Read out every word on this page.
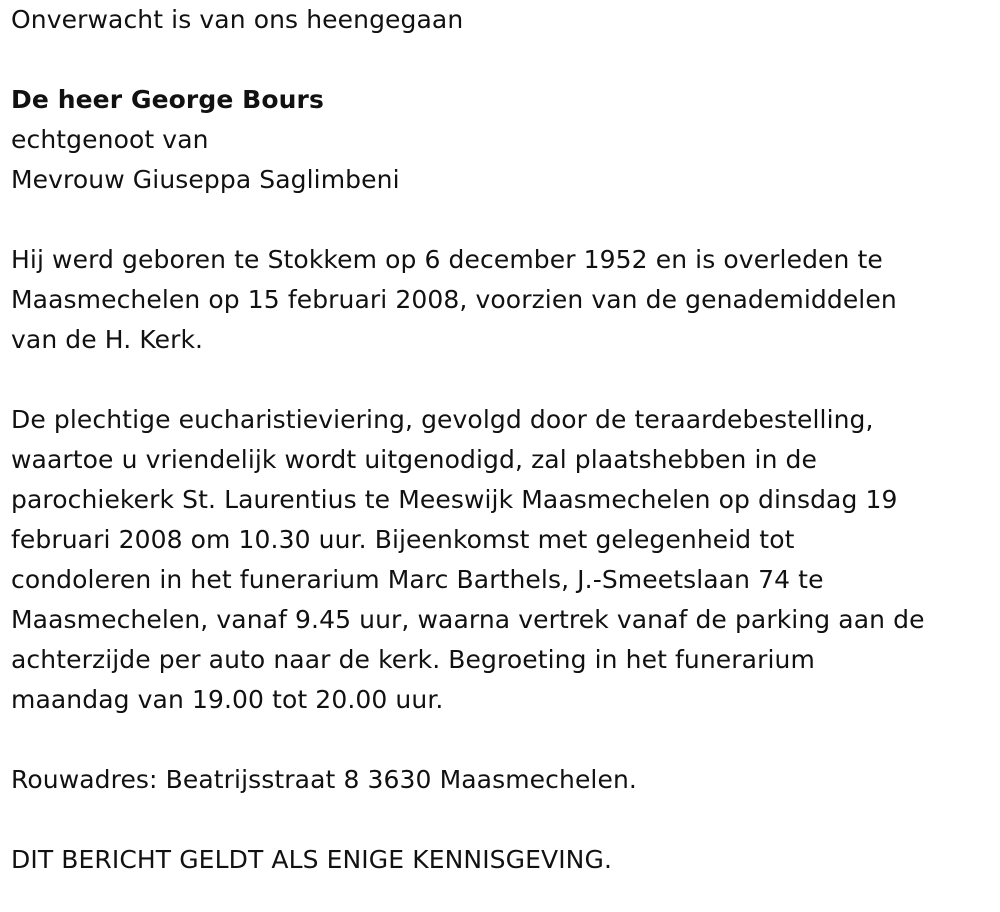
Onverwacht is van ons heengegaan
De heer George Bours
echtgenoot van
Mevrouw Giuseppa Saglimbeni
Hij werd geboren te Stokkem op 6 december 1952 en is overleden te
Maasmechelen op 15 februari 2008, voorzien van de genademiddelen
van de H. Kerk.
De plechtige eucharistieviering, gevolgd door de teraardebestelling,
waartoe u vriendelijk wordt uitgenodigd, zal plaatshebben in de
parochiekerk St. Laurentius te Meeswijk Maasmechelen op dinsdag 19
februari 2008 om 10.30 uur. Bijeenkomst met gelegenheid tot
condoleren in het funerarium Marc Barthels, J.-Smeetslaan 74 te
Maasmechelen, vanaf 9.45 uur, waarna vertrek vanaf de parking aan de
achterzijde per auto naar de kerk. Begroeting in het funerarium
maandag van 19.00 tot 20.00 uur.
Rouwadres: Beatrijsstraat 8 3630 Maasmechelen.
DIT BERICHT GELDT ALS ENIGE KENNISGEVING.
